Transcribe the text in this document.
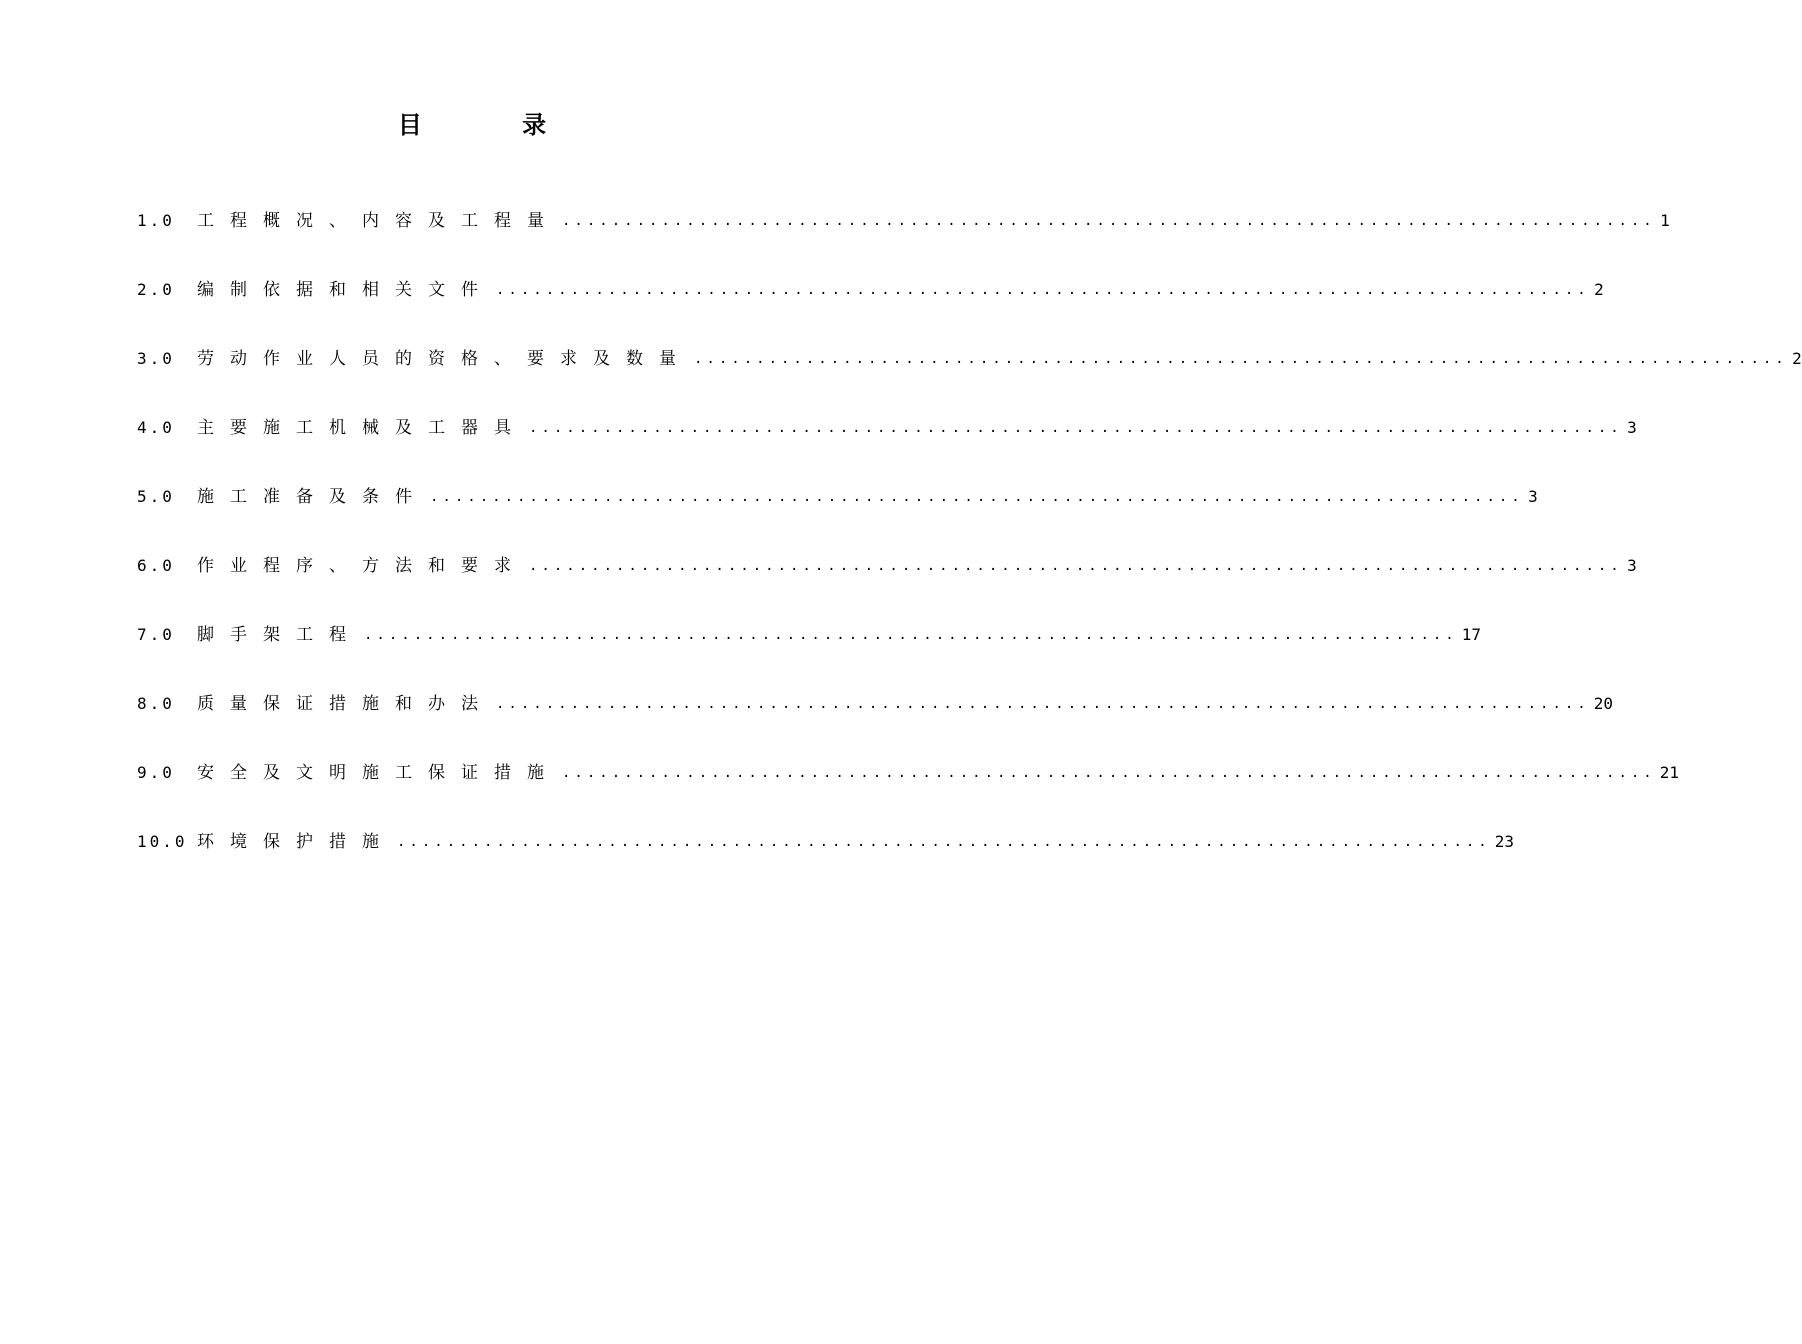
目 录
1.0	工程概况、内容及工程量 ........................................................................................ 1
2.0	编制依据和相关文件 ........................................................................................ 2
3.0	劳动作业人员的资格、要求及数量 ........................................................................................ 2
4.0	主要施工机械及工器具 ........................................................................................ 3
5.0	施工准备及条件 ........................................................................................ 3
6.0	作业程序、方法和要求 ........................................................................................ 3
7.0	脚手架工程 ........................................................................................ 17
8.0	质量保证措施和办法 ........................................................................................ 20
9.0	安全及文明施工保证措施 ........................................................................................ 21
10.0 环境保护措施 ........................................................................................ 23
